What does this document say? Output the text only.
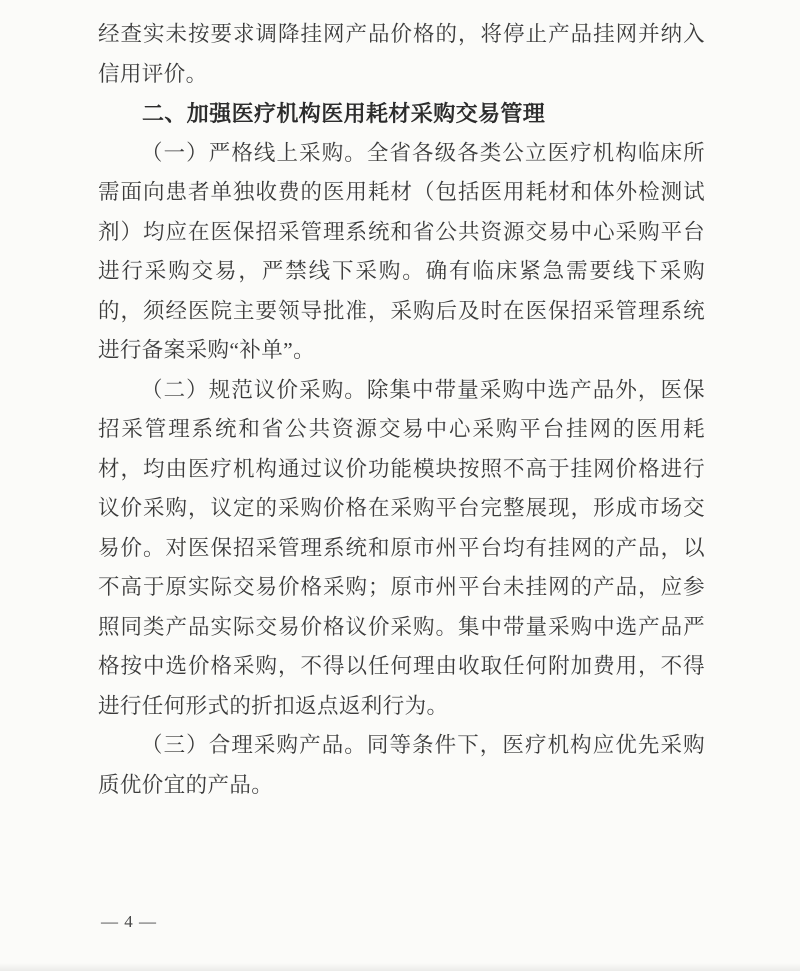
经查实未按要求调降挂网产品价格的，将停止产品挂网并纳入信用评价。

二、加强医疗机构医用耗材采购交易管理

（一）严格线上采购。全省各级各类公立医疗机构临床所需面向患者单独收费的医用耗材（包括医用耗材和体外检测试剂）均应在医保招采管理系统和省公共资源交易中心采购平台进行采购交易，严禁线下采购。确有临床紧急需要线下采购的，须经医院主要领导批准，采购后及时在医保招采管理系统进行备案采购“补单”。

（二）规范议价采购。除集中带量采购中选产品外，医保招采管理系统和省公共资源交易中心采购平台挂网的医用耗材，均由医疗机构通过议价功能模块按照不高于挂网价格进行议价采购，议定的采购价格在采购平台完整展现，形成市场交易价。对医保招采管理系统和原市州平台均有挂网的产品，以不高于原实际交易价格采购；原市州平台未挂网的产品，应参照同类产品实际交易价格议价采购。集中带量采购中选产品严格按中选价格采购，不得以任何理由收取任何附加费用，不得进行任何形式的折扣返点返利行为。

（三）合理采购产品。同等条件下，医疗机构应优先采购质优价宜的产品。

— 4 —
